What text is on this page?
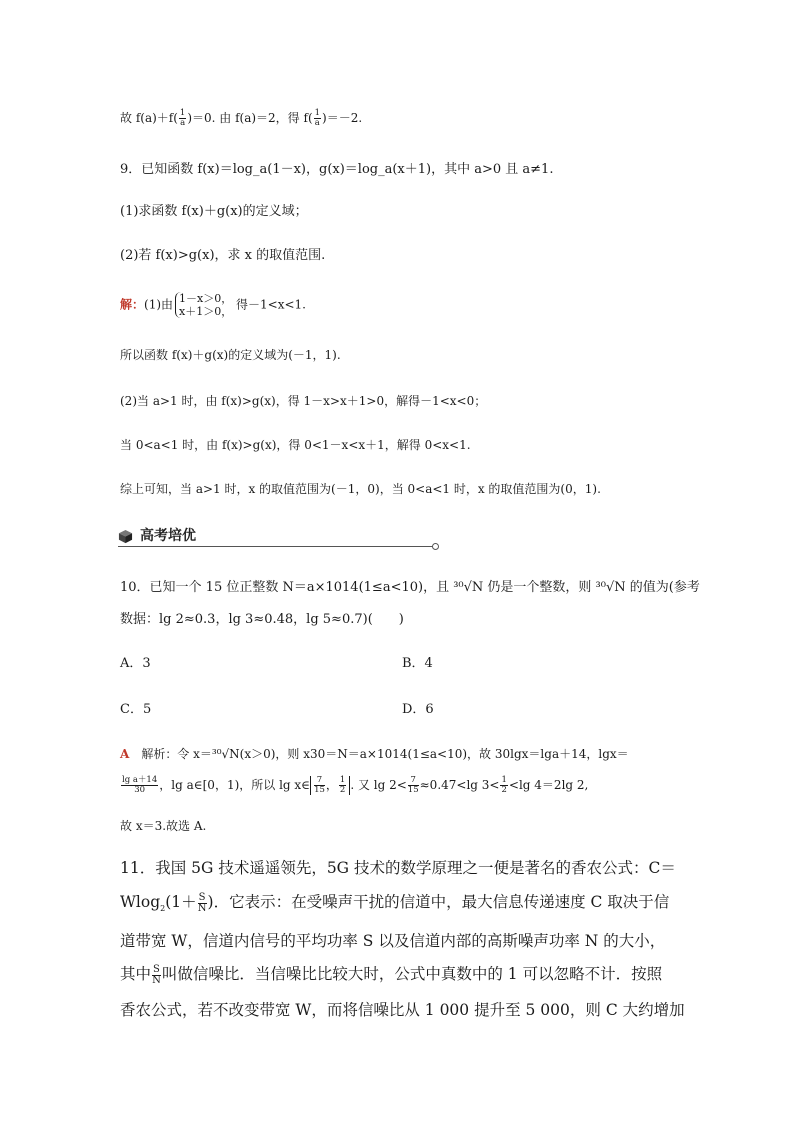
故 $f(a)+f( \frac{1}{a} )=0$. 由 f(a)＝2，得 $f( \frac{1}{a} )=-2$.
9．已知函数 f(x)＝log_a(1－x)，g(x)＝log_a(x＋1)，其中 a>0 且 a≠1.
(1)求函数 f(x)＋g(x)的定义域；
(2)若 f(x)>g(x)，求 x 的取值范围.
解：(1)由 1－x＞0，
x＋1＞0， 得－1<x<1.
所以函数 f(x)＋g(x)的定义域为(－1，1).
(2)当 a>1 时，由 f(x)>g(x)，得 1－x>x＋1>0，解得－1<x<0；
当 0<a<1 时，由 f(x)>g(x)，得 0<1－x<x＋1，解得 0<x<1.
综上可知，当 a>1 时，x 的取值范围为(－1，0)，当 0<a<1 时，x 的取值范围为(0，1).
高考培优
10．已知一个 15 位正整数 N＝a×1014(1≤a<10)，且 ³⁰√N 仍是一个整数，则 ³⁰√N 的值为(参考
数据：lg 2≈0.3，lg 3≈0.48，lg 5≈0.7)(　　)
A．3	B．4
C．5	D．6
A　解析：令 x＝³⁰√N(x＞0)，则 x30＝N＝a×1014(1≤a<10)，故 30lgx＝lga＋14，lgx＝
$\frac{\text{lg a＋14}}{30}$ ，lg a∈[0，1)，所以 lg x∈ $\frac{7}{15}$ ， $\frac{1}{2}$ . 又 $\lg 2< \frac{7}{15} \approx 0.47<\lg$ $3< \frac{1}{2} <\lg$ 4＝2lg 2,
故 x＝3.故选 A.
11．我国 5G 技术遥遥领先，5G 技术的数学原理之一便是著名的香农公式：C＝
$Wlog_2(1+ \frac{S}{N}$ )．它表示：在受噪声干扰的信道中，最大信息传递速度 C 取决于信
道带宽 W，信道内信号的平均功率 S 以及信道内部的高斯噪声功率 N 的大小，
其中 $\frac{S}{N}$ 叫做信噪比．当信噪比比较大时，公式中真数中的 1 可以忽略不计．按照
香农公式，若不改变带宽 W，而将信噪比从 1 000 提升至 5 000，则 C 大约增加
